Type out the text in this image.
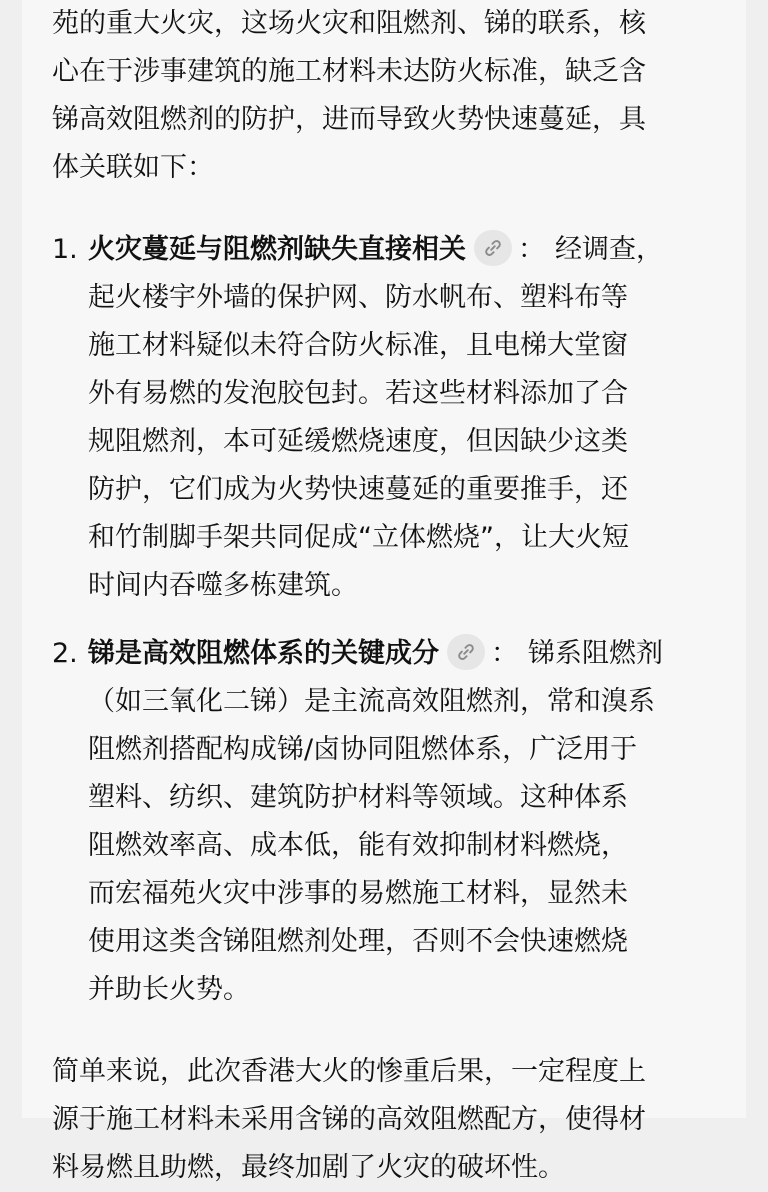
苑的重大火灾，这场火灾和阻燃剂、锑的联系，核
心在于涉事建筑的施工材料未达防火标准，缺乏含
锑高效阻燃剂的防护，进而导致火势快速蔓延，具
体关联如下：

1. 火灾蔓延与阻燃剂缺失直接相关 ： 经调查，
起火楼宇外墙的保护网、防水帆布、塑料布等
施工材料疑似未符合防火标准，且电梯大堂窗
外有易燃的发泡胶包封。若这些材料添加了合
规阻燃剂，本可延缓燃烧速度，但因缺少这类
防护，它们成为火势快速蔓延的重要推手，还
和竹制脚手架共同促成“立体燃烧”，让大火短
时间内吞噬多栋建筑。
2. 锑是高效阻燃体系的关键成分 ： 锑系阻燃剂
（如三氧化二锑）是主流高效阻燃剂，常和溴系
阻燃剂搭配构成锑/卤协同阻燃体系，广泛用于
塑料、纺织、建筑防护材料等领域。这种体系
阻燃效率高、成本低，能有效抑制材料燃烧，
而宏福苑火灾中涉事的易燃施工材料，显然未
使用这类含锑阻燃剂处理，否则不会快速燃烧
并助长火势。

简单来说，此次香港大火的惨重后果，一定程度上
源于施工材料未采用含锑的高效阻燃配方，使得材
料易燃且助燃，最终加剧了火灾的破坏性。
